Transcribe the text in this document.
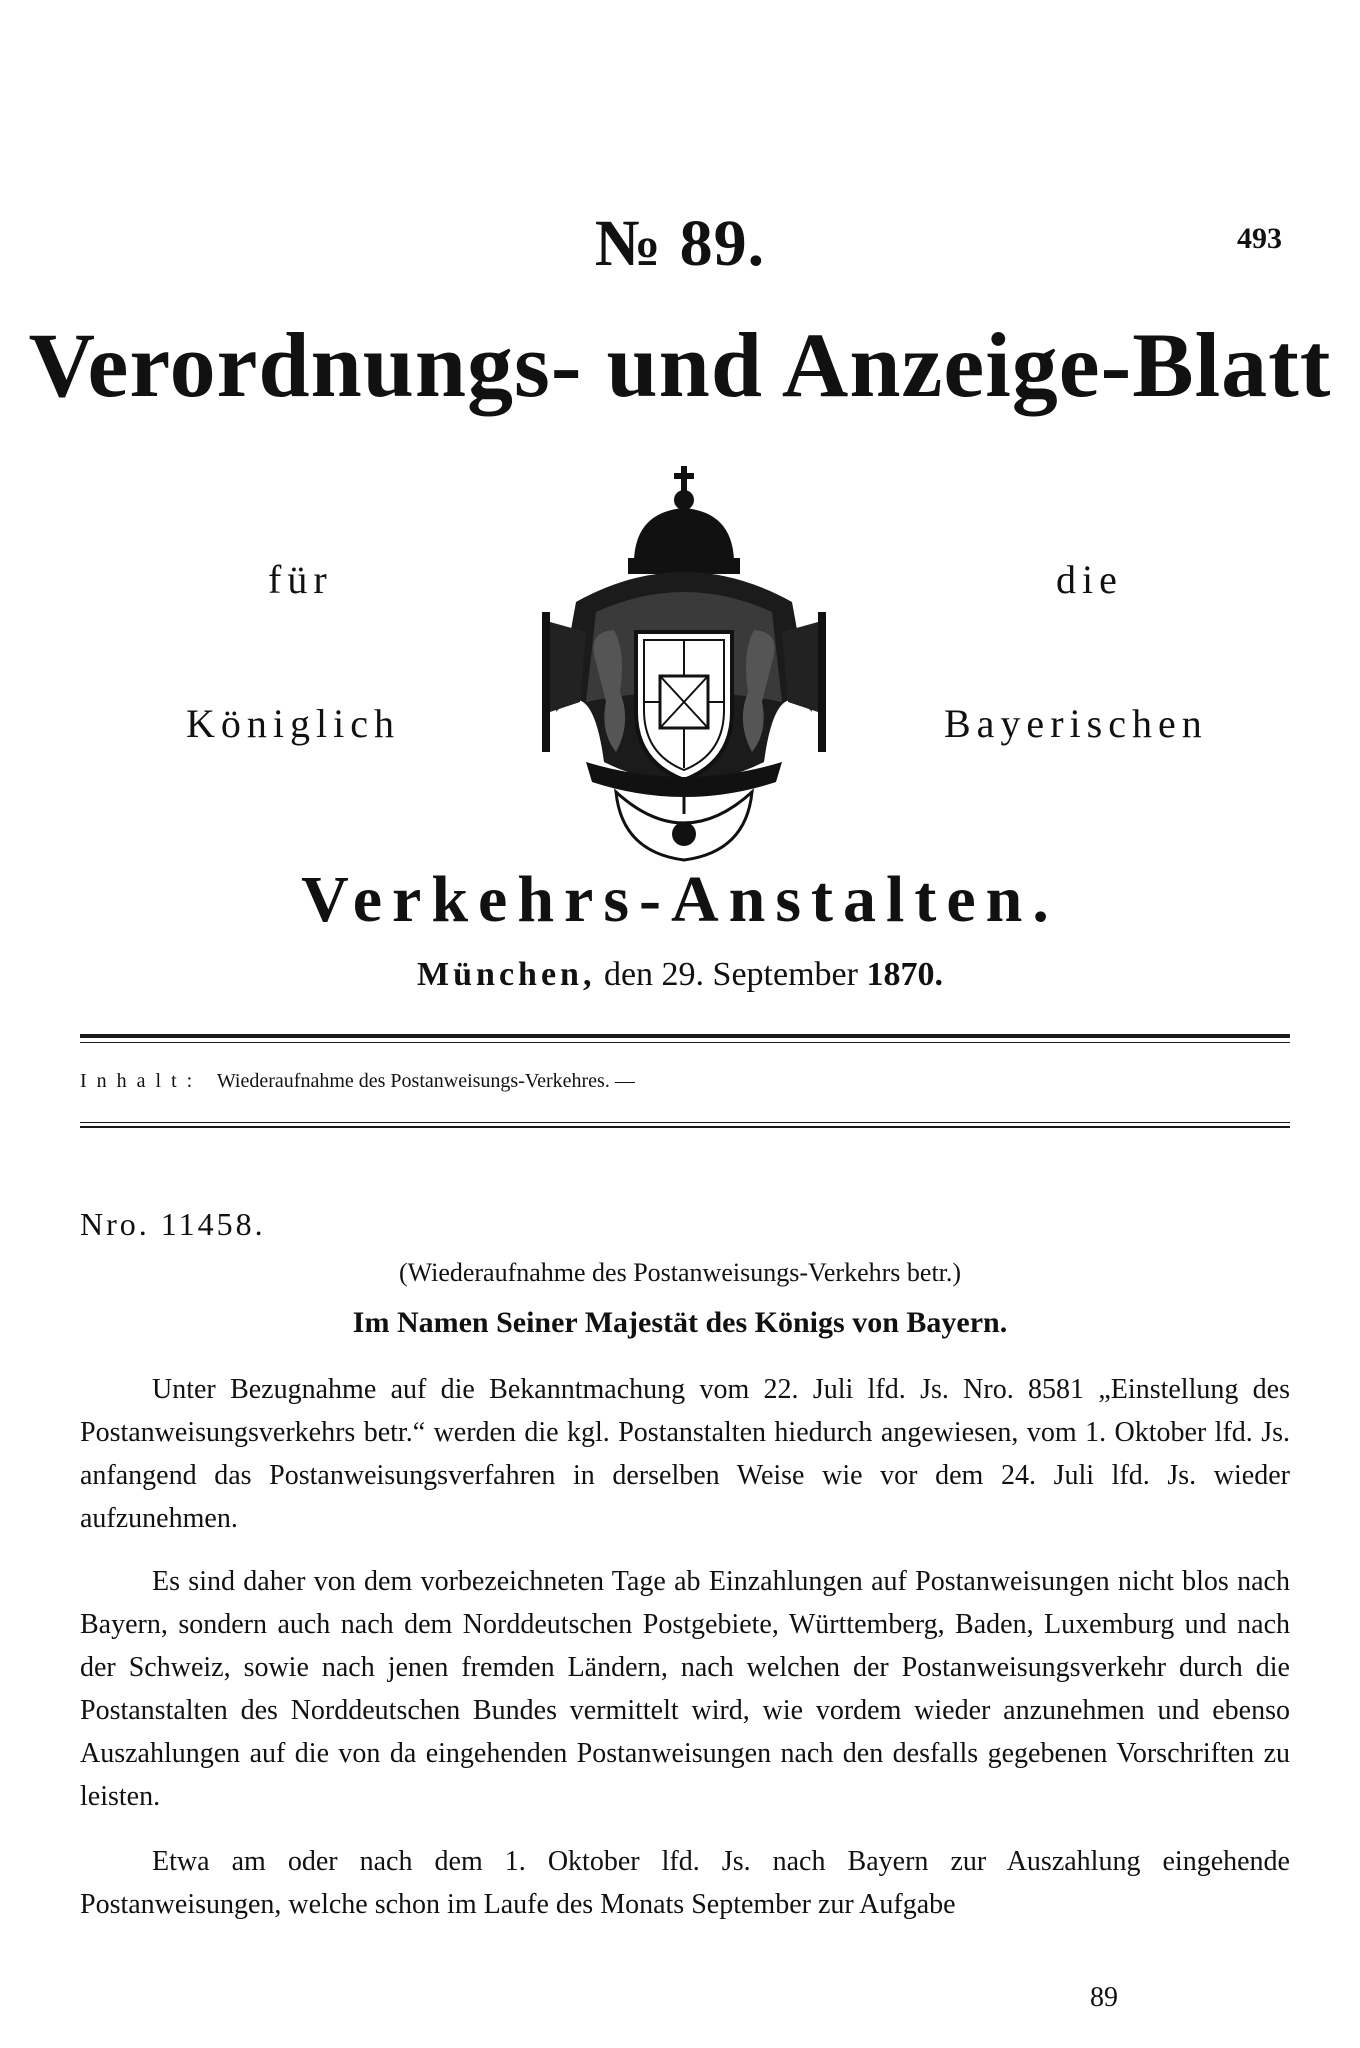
№ 89.	493
Verordnungs- und Anzeige-Blatt
für	die
Königlich	Bayerischen
Verkehrs-Anstalten.
München, den 29. September 1870.
Inhalt: Wiederaufnahme des Postanweisungs-Verkehres. —
Nro. 11458.
(Wiederaufnahme des Postanweisungs-Verkehrs betr.)
Im Namen Seiner Majestät des Königs von Bayern.
Unter Bezugnahme auf die Bekanntmachung vom 22. Juli lfd. Js. Nro. 8581 „Einstellung des Postanweisungsverkehrs betr.“ werden die kgl. Postanstalten hiedurch angewiesen, vom 1. Oktober lfd. Js. anfangend das Postanweisungsverfahren in derselben Weise wie vor dem 24. Juli lfd. Js. wieder aufzunehmen.
Es sind daher von dem vorbezeichneten Tage ab Einzahlungen auf Postanweisungen nicht blos nach Bayern, sondern auch nach dem Norddeutschen Postgebiete, Württemberg, Baden, Luxemburg und nach der Schweiz, sowie nach jenen fremden Ländern, nach welchen der Postanweisungsverkehr durch die Postanstalten des Norddeutschen Bundes vermittelt wird, wie vordem wieder anzunehmen und ebenso Auszahlungen auf die von da eingehenden Postanweisungen nach den desfalls gegebenen Vorschriften zu leisten.
Etwa am oder nach dem 1. Oktober lfd. Js. nach Bayern zur Auszahlung eingehende Postanweisungen, welche schon im Laufe des Monats September zur Aufgabe
89
